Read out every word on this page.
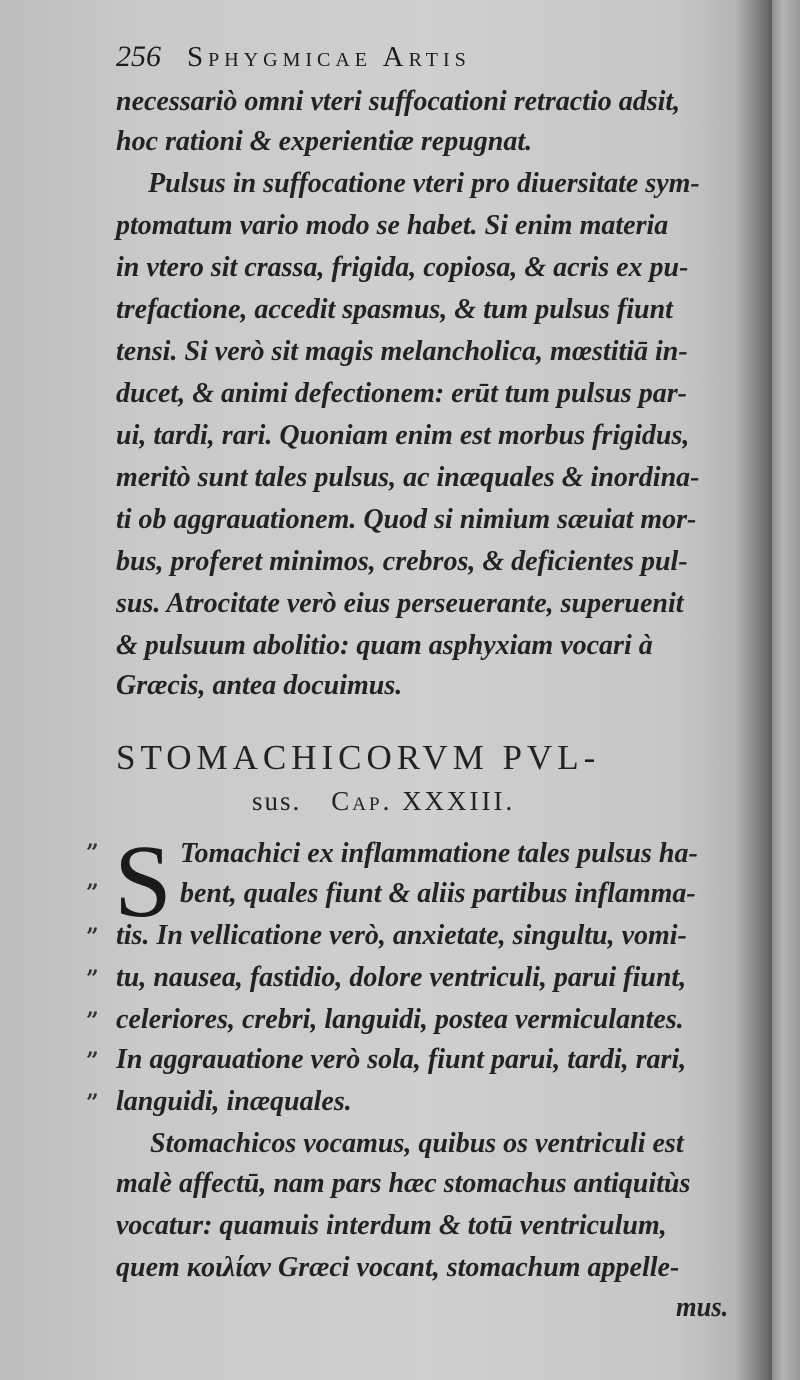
256 Sphygmicae Artis
necessariò omni vteri suffocationi retractio adsit,
hoc rationi & experientiæ repugnat.
Pulsus in suffocatione vteri pro diuersitate sym-
ptomatum vario modo se habet. Si enim materia
in vtero sit crassa, frigida, copiosa, & acris ex pu-
trefactione, accedit spasmus, & tum pulsus fiunt
tensi. Si verò sit magis melancholica, mœstitiā in-
ducet, & animi defectionem: erūt tum pulsus par-
ui, tardi, rari. Quoniam enim est morbus frigidus,
meritò sunt tales pulsus, ac inæquales & inordina-
ti ob aggrauationem. Quod si nimium sæuiat mor-
bus, proferet minimos, crebros, & deficientes pul-
sus. Atrocitate verò eius perseuerante, superuenit
& pulsuum abolitio: quam asphyxiam vocari à
Græcis, antea docuimus.
STOMACHICORVM PVL-
sus. Cap. XXXIII.
S
”
”
”
”
”
”
”
Tomachici ex inflammatione tales pulsus ha-
bent, quales fiunt & aliis partibus inflamma-
tis. In vellicatione verò, anxietate, singultu, vomi-
tu, nausea, fastidio, dolore ventriculi, parui fiunt,
celeriores, crebri, languidi, postea vermiculantes.
In aggrauatione verò sola, fiunt parui, tardi, rari,
languidi, inæquales.
Stomachicos vocamus, quibus os ventriculi est
malè affectū, nam pars hæc stomachus antiquitùs
vocatur: quamuis interdum & totū ventriculum,
quem κοιλίαν Græci vocant, stomachum appelle-
mus.
